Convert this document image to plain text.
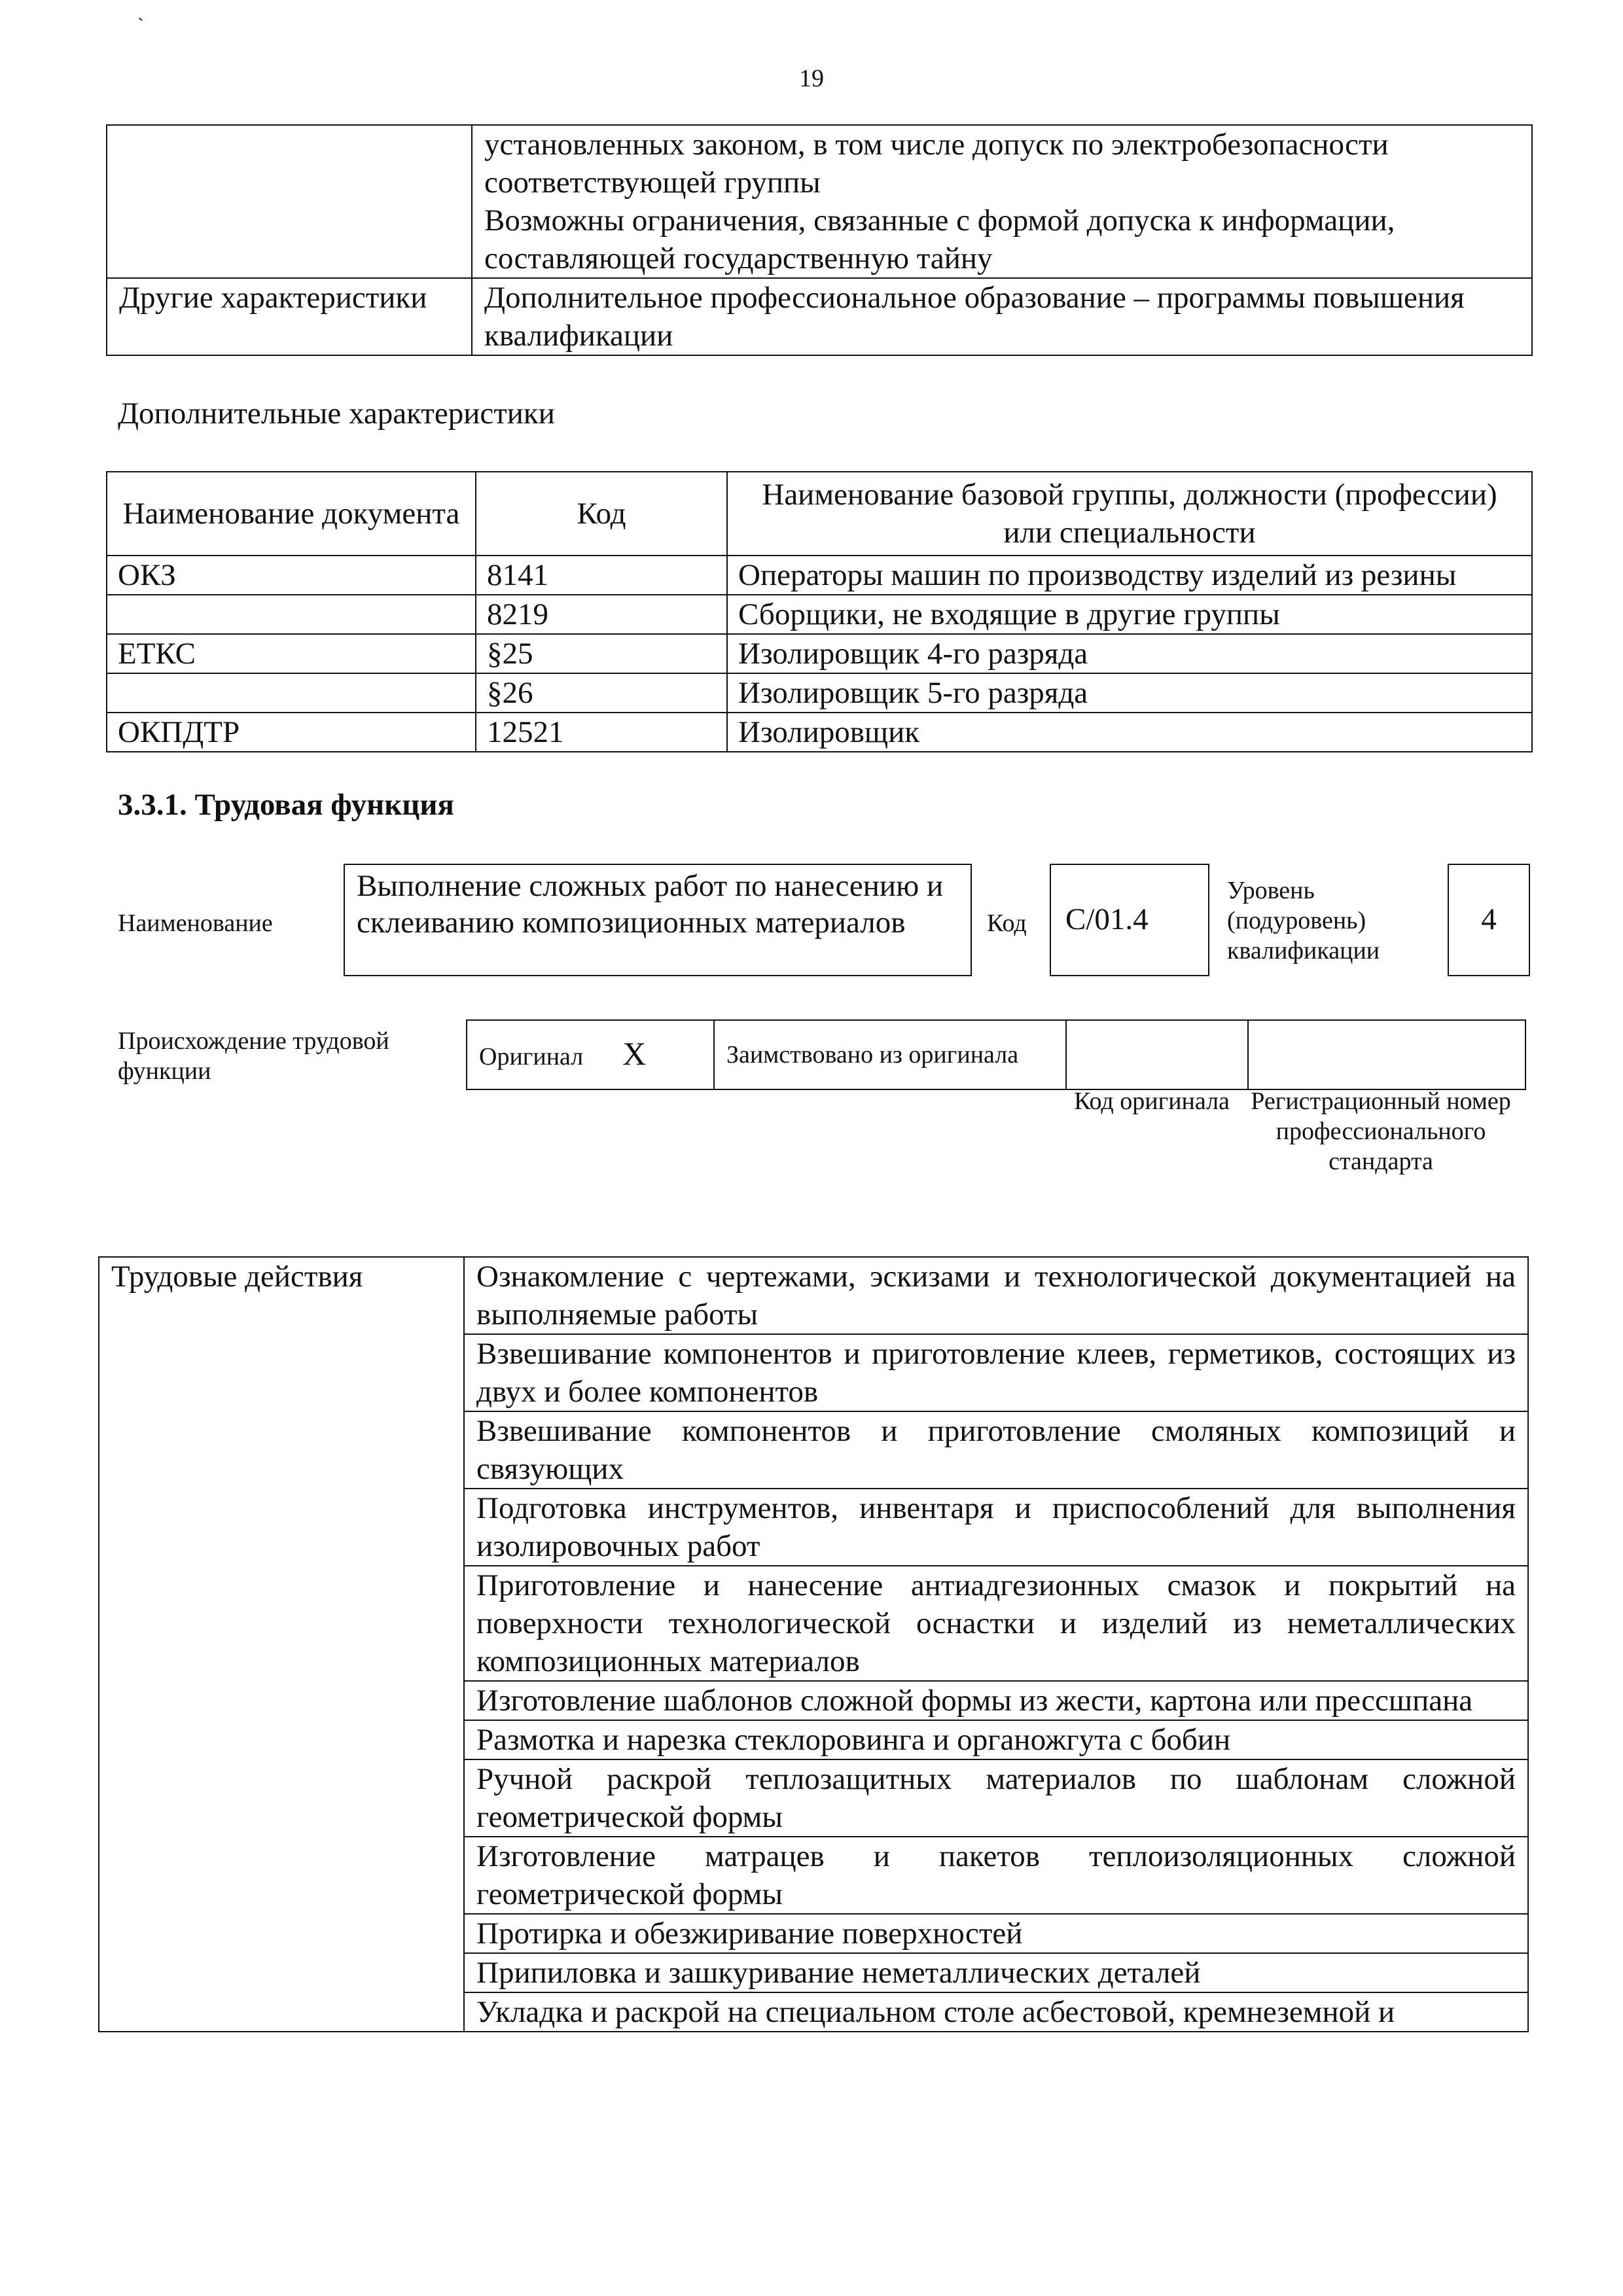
`
19

	установленных законом, в том числе допуск по электробезопасности
соответствующей группы
Возможны ограничения, связанные с формой допуска к информации,
составляющей государственную тайну

Другие характеристики	Дополнительное профессиональное образование – программы повышения квалификации
Дополнительные характеристики
Наименование документа	Код	Наименование базовой группы, должности (профессии) или специальности
ОКЗ	8141	Операторы машин по производству изделий из резины
	8219	Сборщики, не входящие в другие группы
ЕТКС	§25	Изолировщик 4-го разряда
	§26	Изолировщик 5-го разряда
ОКПДТР	12521	Изолировщик
3.3.1. Трудовая функция
Наименование
Выполнение сложных работ по нанесению и склеиванию композиционных материалов	Код	C/01.4
Уровень (подуровень) квалификации
4
Происхождение трудовой функции
Оригинал X	Заимствовано из оригинала		
Код оригинала Регистрационный номер профессионального стандарта
Трудовые действия	Ознакомление с чертежами, эскизами и технологической документацией на выполняемые работы
Взвешивание компонентов и приготовление клеев, герметиков, состоящих из двух и более компонентов
Взвешивание компонентов и приготовление смоляных композиций и связующих
Подготовка инструментов, инвентаря и приспособлений для выполнения изолировочных работ
Приготовление и нанесение антиадгезионных смазок и покрытий на поверхности технологической оснастки и изделий из неметаллических композиционных материалов
Изготовление шаблонов сложной формы из жести, картона или прессшпана
Размотка и нарезка стеклоровинга и органожгута с бобин
Ручной раскрой теплозащитных материалов по шаблонам сложной геометрической формы
Изготовление матрацев и пакетов теплоизоляционных сложной геометрической формы
Протирка и обезжиривание поверхностей
Припиловка и зашкуривание неметаллических деталей
Укладка и раскрой на специальном столе асбестовой, кремнеземной и
